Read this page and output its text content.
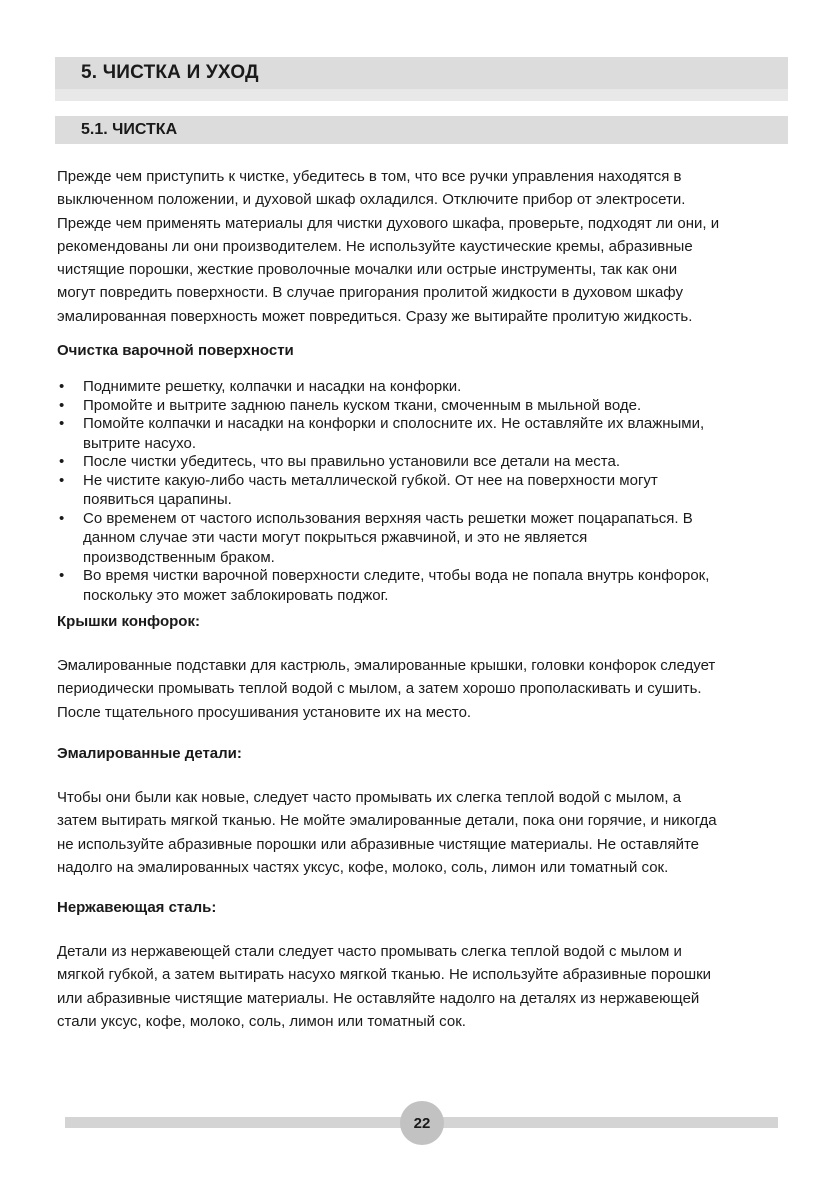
5. ЧИСТКА И УХОД
5.1. ЧИСТКА

Прежде чем приступить к чистке, убедитесь в том, что все ручки управления находятся в
выключенном положении, и духовой шкаф охладился. Отключите прибор от электросети.
Прежде чем применять материалы для чистки духового шкафа, проверьте, подходят ли они, и
рекомендованы ли они производителем. Не используйте каустические кремы, абразивные
чистящие порошки, жесткие проволочные мочалки или острые инструменты, так как они
могут повредить поверхности. В случае пригорания пролитой жидкости в духовом шкафу
эмалированная поверхность может повредиться. Сразу же вытирайте пролитую жидкость.

Очистка варочной поверхности

• Поднимите решетку, колпачки и насадки на конфорки.
• Промойте и вытрите заднюю панель куском ткани, смоченным в мыльной воде.
• Помойте колпачки и насадки на конфорки и сполосните их. Не оставляйте их влажными,
вытрите насухо.
• После чистки убедитесь, что вы правильно установили все детали на места.
• Не чистите какую-либо часть металлической губкой. От нее на поверхности могут
появиться царапины.
• Со временем от частого использования верхняя часть решетки может поцарапаться. В
данном случае эти части могут покрыться ржавчиной, и это не является
производственным браком.
• Во время чистки варочной поверхности следите, чтобы вода не попала внутрь конфорок,
поскольку это может заблокировать поджог.

Крышки конфорок:

Эмалированные подставки для кастрюль, эмалированные крышки, головки конфорок следует
периодически промывать теплой водой с мылом, а затем хорошо прополаскивать и сушить.
После тщательного просушивания установите их на место.

Эмалированные детали:

Чтобы они были как новые, следует часто промывать их слегка теплой водой с мылом, а
затем вытирать мягкой тканью. Не мойте эмалированные детали, пока они горячие, и никогда
не используйте абразивные порошки или абразивные чистящие материалы. Не оставляйте
надолго на эмалированных частях уксус, кофе, молоко, соль, лимон или томатный сок.

Нержавеющая сталь:

Детали из нержавеющей стали следует часто промывать слегка теплой водой с мылом и
мягкой губкой, а затем вытирать насухо мягкой тканью. Не используйте абразивные порошки
или абразивные чистящие материалы. Не оставляйте надолго на деталях из нержавеющей
стали уксус, кофе, молоко, соль, лимон или томатный сок.

22
